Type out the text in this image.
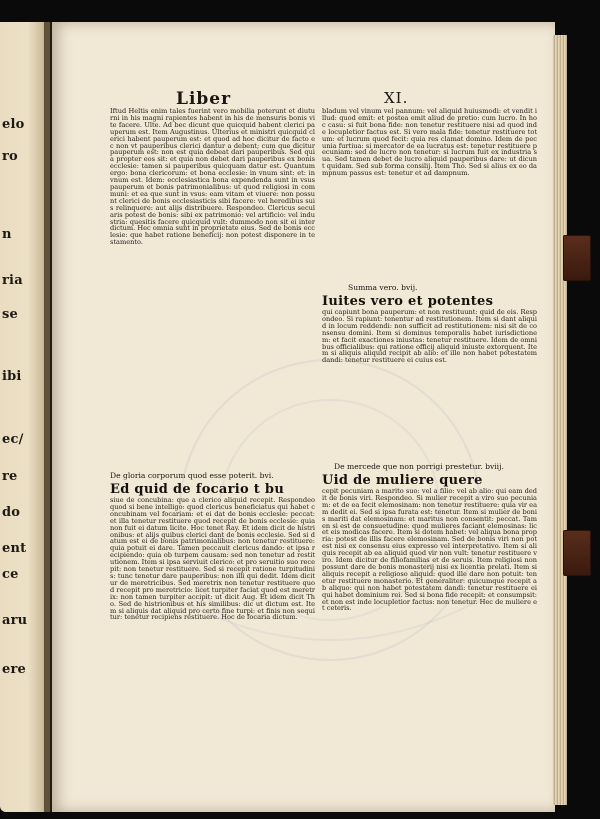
elo
ro
n
ria
se
ibi
ec/
re
do
ent
ce
aru
ere
Liber	XI.
Iftud Heltis enim tales fuerint vero mobilia poterunt et diuturni in his magni rapientes habent in his de mensuris bonis vite facere. Ulte. Ad bec dicunt que quicquid habent clerici pauperum est. Item Augustinus. Ulterius et ministri quicquid clerici habent pauperum est: et quod ad hoc dicitur de facto ec non vt pauperibus clerici dantur a debent; cum que dicitur pauperum est: non est quia debeat dari pauperibus. Sed quia propter eos sit: et quia non debet dari pauperibus ex bonis ecclesie: tamen si pauperibus quicquam datur est. Quantum ergo: bona clericorum: et bona ecclesie: in vnum sint: et: in vnum est. Idem: ecclesiastica bona expendenda sunt in vsus pauperum et bonis patrimonialibus: ut quod religiosi in communi: et ea que sunt in vsus: eam vitam et viuere: non possunt clerici de bonis ecclesiasticis sibi facere: vel heredibus suis relinquere: aut alijs distribuere. Respondeo. Clericus secularis potest de bonis: sibi ex patrimonio: vel artificio: vel industria: quesitis facere quicquid vult: dummodo non sit ei interdictum. Hec omnia sunt in proprietate eius. Sed de bonis ecclesie: que habet ratione beneficij: non potest disponere in testamento.
De gloria corporum quod esse poterit. bvi.
Ed quid de focario t bu
siue de concubina: que a clerico aliquid recepit. Respondeo quod si bene intelligo: quod clericus beneficiatus qui habet concubinam vel focariam: et ei dat de bonis ecclesie: peccat: et illa tenetur restituere quod recepit de bonis ecclesie: quia non fuit ei datum licite. Hoc tenet Ray. Et idem dicit de histrionibus: et alijs quibus clerici dant de bonis ecclesie. Sed si datum est ei de bonis patrimonialibus: non tenetur restituere: quia potuit ei dare. Tamen peccauit clericus dando: et ipsa recipiendo: quia ob turpem causam: sed non tenetur ad restitutionem. Item si ipsa serviuit clerico: et pro seruitio suo recepit: non tenetur restituere. Sed si recepit ratione turpitudinis: tunc tenetur dare pauperibus: non illi qui dedit. Idem dicitur de meretricibus. Sed meretrix non tenetur restituere quod recepit pro meretricio: licet turpiter faciat quod est meretrix: non tamen turpiter accipit: ut dicit Aug. Et idem dicit Tho. Sed de histrionibus et his similibus: dic ut dictum est. Item si aliquis dat aliquid pro certo fine turpi: et finis non sequitur: tenetur recipiens restituere. Hoc de focaria dictum.
bladum vel vinum vel pannum: vel aliquid huiusmodi: et vendit illud: quod emit: et postea emit aliud de pretio: cum lucro. In hoc casu: si fuit bona fide: non tenetur restituere nisi ad quod inde locupletior factus est. Si vero mala fide: tenetur restituere totum: et lucrum quod fecit: quia res clamat domino. Idem de pecunia furtiua: si mercator de ea lucratus est: tenetur restituere pecuniam: sed de lucro non tenetur: si lucrum fuit ex industria sua. Sed tamen debet de lucro aliquid pauperibus dare: ut dicunt quidam. Sed sub forma consilij. Item Tho. Sed si alius ex eo dampnum passus est: tenetur et ad dampnum.
Summa vero. bvij.
Iuites vero et potentes
qui capiunt bona pauperum: et non restituunt: quid de eis. Respondeo. Si rapiunt: tenentur ad restitutionem. Item si dant aliquid in locum reddendi: non sufficit ad restitutionem: nisi sit de consensu domini. Item si dominus temporalis habet iurisdictionem: et facit exactiones iniustas: tenetur restituere. Idem de omnibus officialibus: qui ratione officij aliquid iniuste extorquent. Item si aliquis aliquid recipit ab alio: et ille non habet potestatem dandi: tenetur restituere ei cuius est.
De mercede que non porrigi prestetur. bviij.
Uid de muliere quere
cepit pecuniam a marito suo: vel a filio: vel ab alio: qui eam dedit de bonis viri. Respondeo. Si mulier recepit a viro suo pecuniam: et de ea fecit elemosinam: non tenetur restituere: quia vir eam dedit ei. Sed si ipsa furata est: tenetur. Item si mulier de bonis mariti dat elemosinam: et maritus non consentit: peccat. Tamen si est de consuetudine: quod mulieres faciant elemosinas: licet eis modicas facere. Item si dotem habet: vel aliqua bona propria: potest de illis facere elemosinam. Sed de bonis viri non potest nisi ex consensu eius expresso vel interpretativo. Item si aliquis recepit ab ea aliquid quod vir non vult: tenetur restituere viro. Idem dicitur de filiofamilias et de seruis. Item religiosi non possunt dare de bonis monasterij nisi ex licentia prelati. Item si aliquis recepit a religioso aliquid: quod ille dare non potuit: tenetur restituere monasterio. Et generaliter: quicumque recepit ab aliquo: qui non habet potestatem dandi: tenetur restituere ei qui habet dominium rei. Sed si bona fide recepit: et consumpsit: et non est inde locupletior factus: non tenetur. Hec de muliere et ceteris.
